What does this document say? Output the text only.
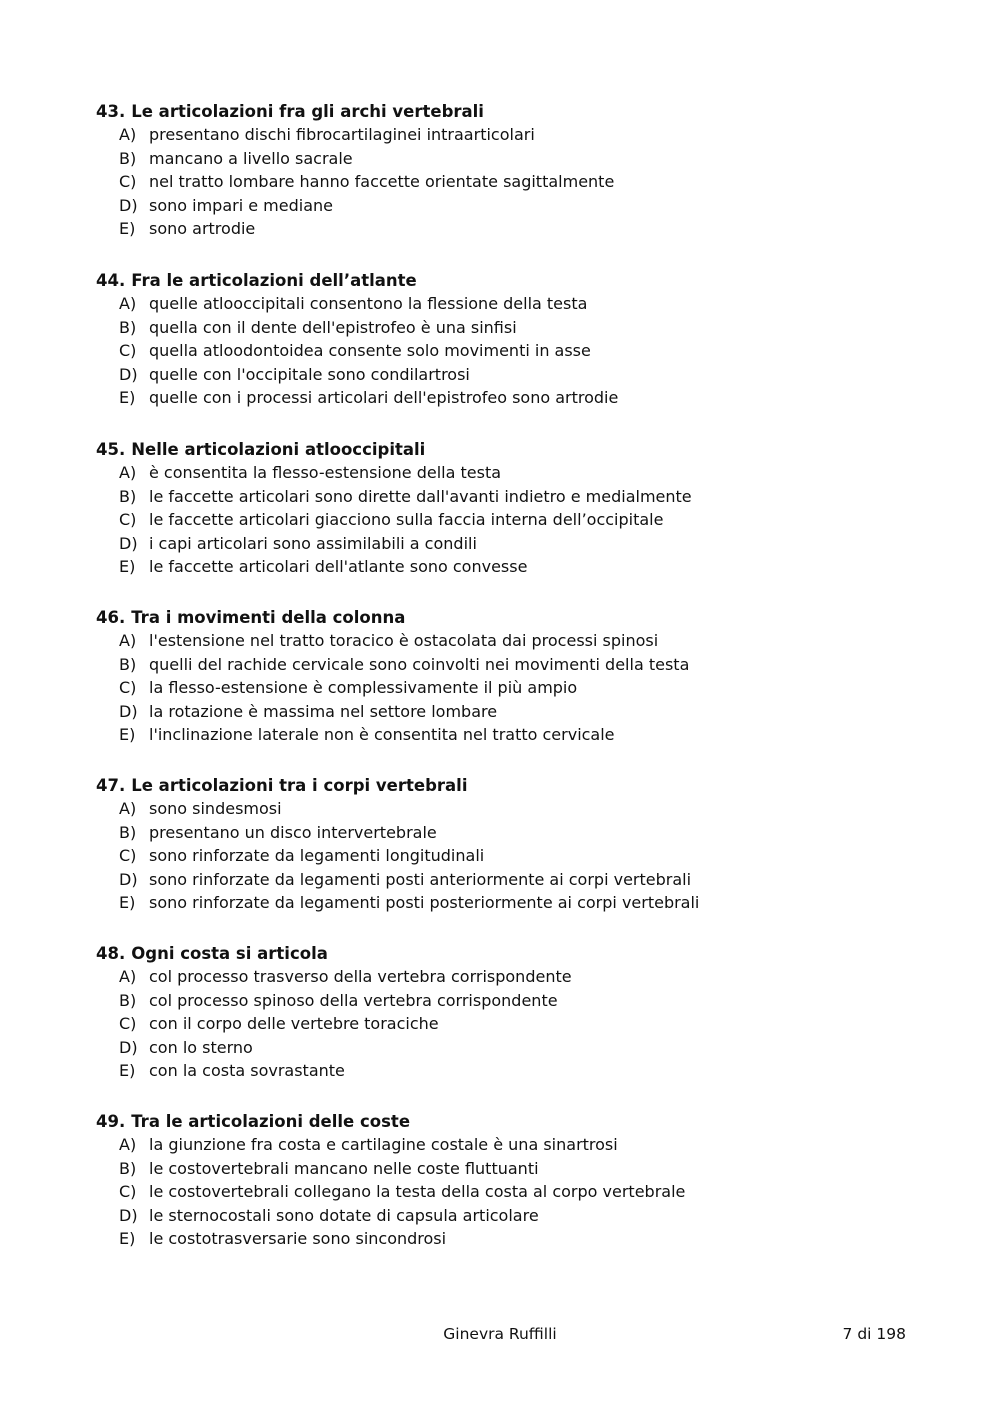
43. Le articolazioni fra gli archi vertebrali
A) presentano dischi fibrocartilaginei intraarticolari
B) mancano a livello sacrale
C) nel tratto lombare hanno faccette orientate sagittalmente
D) sono impari e mediane
E) sono artrodie
44. Fra le articolazioni dell’atlante
A) quelle atlooccipitali consentono la flessione della testa
B) quella con il dente dell'epistrofeo è una sinfisi
C) quella atloodontoidea consente solo movimenti in asse
D) quelle con l'occipitale sono condilartrosi
E) quelle con i processi articolari dell'epistrofeo sono artrodie
45. Nelle articolazioni atlooccipitali
A) è consentita la flesso-estensione della testa
B) le faccette articolari sono dirette dall'avanti indietro e medialmente
C) le faccette articolari giacciono sulla faccia interna dell’occipitale
D) i capi articolari sono assimilabili a condili
E) le faccette articolari dell'atlante sono convesse
46. Tra i movimenti della colonna
A) l'estensione nel tratto toracico è ostacolata dai processi spinosi
B) quelli del rachide cervicale sono coinvolti nei movimenti della testa
C) la flesso-estensione è complessivamente il più ampio
D) la rotazione è massima nel settore lombare
E) l'inclinazione laterale non è consentita nel tratto cervicale
47. Le articolazioni tra i corpi vertebrali
A) sono sindesmosi
B) presentano un disco intervertebrale
C) sono rinforzate da legamenti longitudinali
D) sono rinforzate da legamenti posti anteriormente ai corpi vertebrali
E) sono rinforzate da legamenti posti posteriormente ai corpi vertebrali
48. Ogni costa si articola
A) col processo trasverso della vertebra corrispondente
B) col processo spinoso della vertebra corrispondente
C) con il corpo delle vertebre toraciche
D) con lo sterno
E) con la costa sovrastante
49. Tra le articolazioni delle coste
A) la giunzione fra costa e cartilagine costale è una sinartrosi
B) le costovertebrali mancano nelle coste fluttuanti
C) le costovertebrali collegano la testa della costa al corpo vertebrale
D) le sternocostali sono dotate di capsula articolare
E) le costotrasversarie sono sincondrosi
Ginevra Ruffilli	7 di 198
